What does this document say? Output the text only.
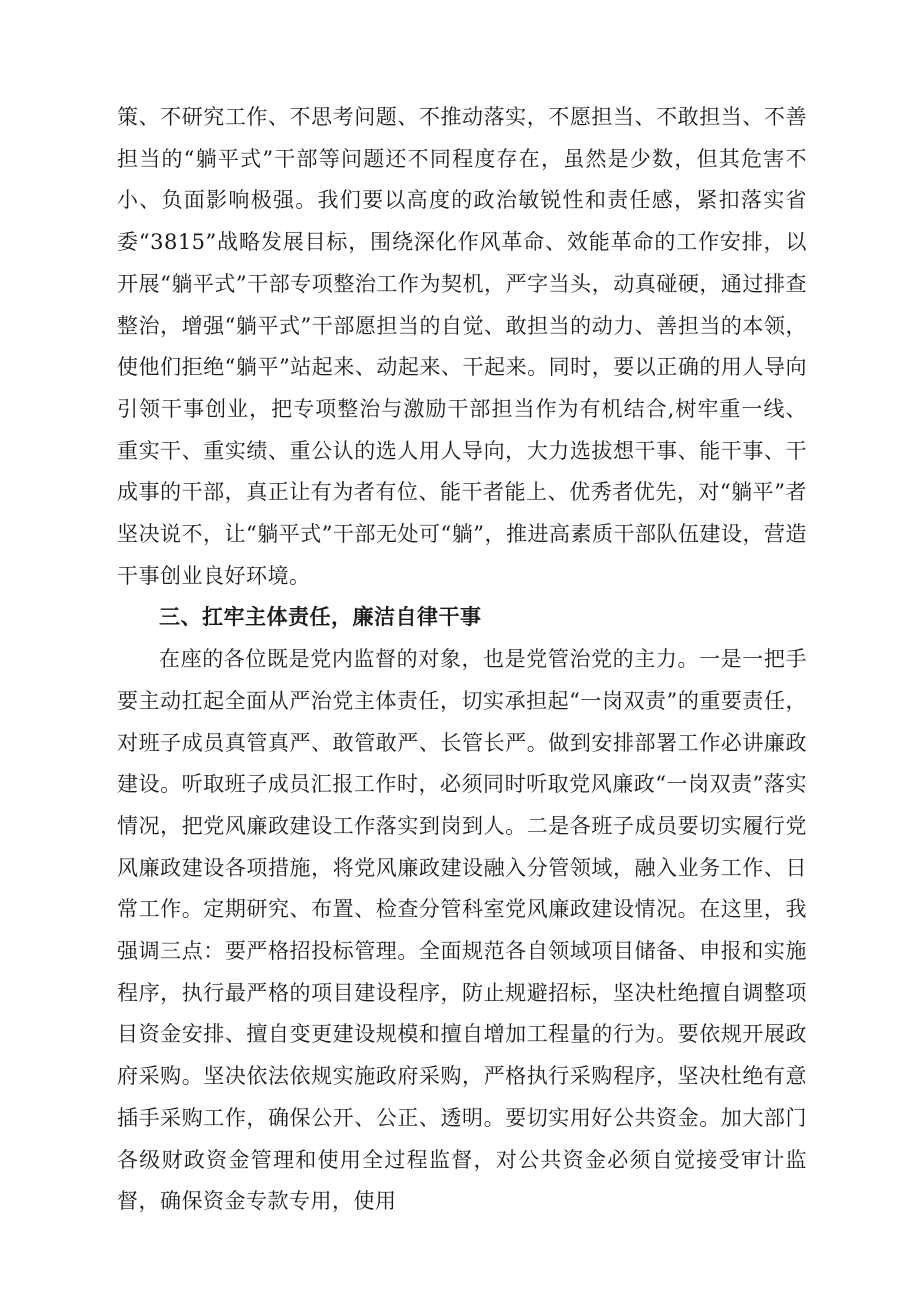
策、不研究工作、不思考问题、不推动落实，不愿担当、不敢担当、不善担当的“躺平式”干部等问题还不同程度存在，虽然是少数，但其危害不小、负面影响极强。我们要以高度的政治敏锐性和责任感，紧扣落实省委“3815”战略发展目标，围绕深化作风革命、效能革命的工作安排，以开展“躺平式”干部专项整治工作为契机，严字当头，动真碰硬，通过排查整治，增强“躺平式”干部愿担当的自觉、敢担当的动力、善担当的本领，使他们拒绝“躺平”站起来、动起来、干起来。同时，要以正确的用人导向引领干事创业，把专项整治与激励干部担当作为有机结合,树牢重一线、重实干、重实绩、重公认的选人用人导向，大力选拔想干事、能干事、干成事的干部，真正让有为者有位、能干者能上、优秀者优先，对“躺平”者坚决说不，让“躺平式”干部无处可“躺”，推进高素质干部队伍建设，营造干事创业良好环境。

三、扛牢主体责任，廉洁自律干事

在座的各位既是党内监督的对象，也是党管治党的主力。一是一把手要主动扛起全面从严治党主体责任，切实承担起“一岗双责”的重要责任，对班子成员真管真严、敢管敢严、长管长严。做到安排部署工作必讲廉政建设。听取班子成员汇报工作时，必须同时听取党风廉政“一岗双责”落实情况，把党风廉政建设工作落实到岗到人。二是各班子成员要切实履行党风廉政建设各项措施，将党风廉政建设融入分管领域，融入业务工作、日常工作。定期研究、布置、检查分管科室党风廉政建设情况。在这里，我强调三点：要严格招投标管理。全面规范各自领域项目储备、申报和实施程序，执行最严格的项目建设程序，防止规避招标，坚决杜绝擅自调整项目资金安排、擅自变更建设规模和擅自增加工程量的行为。要依规开展政府采购。坚决依法依规实施政府采购，严格执行采购程序，坚决杜绝有意插手采购工作，确保公开、公正、透明。要切实用好公共资金。加大部门各级财政资金管理和使用全过程监督，对公共资金必须自觉接受审计监督，确保资金专款专用，使用
